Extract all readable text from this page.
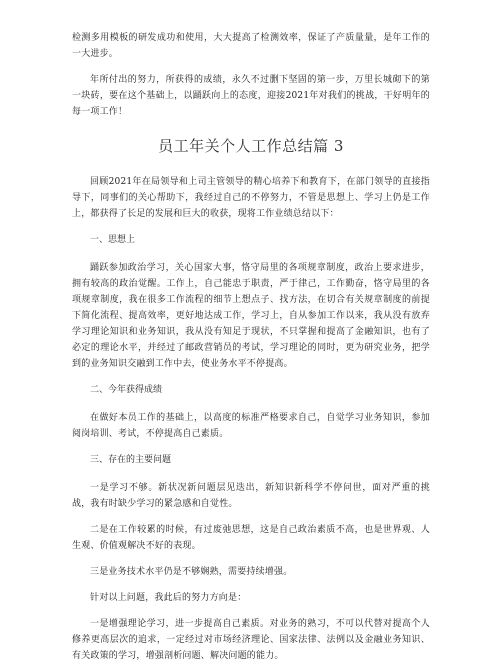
检测多用模板的研发成功和使用，大大提高了检测效率，保证了产质量量，是年工作的一大进步。

年所付出的努力，所获得的成绩，永久不过删下坚固的第一步，万里长城砌下的第一块砖，要在这个基础上，以踊跃向上的态度，迎接2021年对我们的挑战，干好明年的每一项工作！

员工年关个人工作总结篇 3

回顾2021年在局领导和上司主管领导的精心培养下和教育下，在部门领导的直接指导下，同事们的关心帮助下，我经过自己的不停努力，不管是思想上、学习上仍是工作上，都获得了长足的发展和巨大的收获，现将工作业绩总结以下：

一、思想上

踊跃参加政治学习，关心国家大事，恪守局里的各项规章制度，政治上要求进步，拥有较高的政治觉醒。工作上，自己能忠于职责，严于律己，工作勤奋，恪守局里的各项规章制度，我在很多工作流程的细节上想点子、找方法，在切合有关规章制度的前提下简化流程、提高效率，更好地达成工作，学习上，自从参加工作以来，我从没有放弃学习理论知识和业务知识，我从没有知足于现状，不只掌握和提高了金融知识，也有了必定的理论水平，并经过了邮政营销员的考试，学习理论的同时，更为研究业务，把学到的业务知识交融到工作中去，使业务水平不停提高。

二、今年获得成绩

在做好本员工作的基础上，以高度的标准严格要求自己，自觉学习业务知识，参加阅岗培训、考试，不停提高自己素质。

三、存在的主要问题

一是学习不够。新状况新问题层见迭出，新知识新科学不停问世，面对严重的挑战，我有时缺少学习的紧急感和自觉性。

二是在工作较累的时候，有过废弛思想，这是自己政治素质不高，也是世界观、人生观、价值观解决不好的表现。

三是业务技术水平仍是不够娴熟，需要持续增强。

针对以上问题，我此后的努力方向是：

一是增强理论学习，进一步提高自己素质。对业务的熟习，不可以代替对提高个人修养更高层次的追求，一定经过对市场经济理论、国家法律、法例以及金融业务知识、有关政策的学习，增强剖析问题、解决问题的能力。
